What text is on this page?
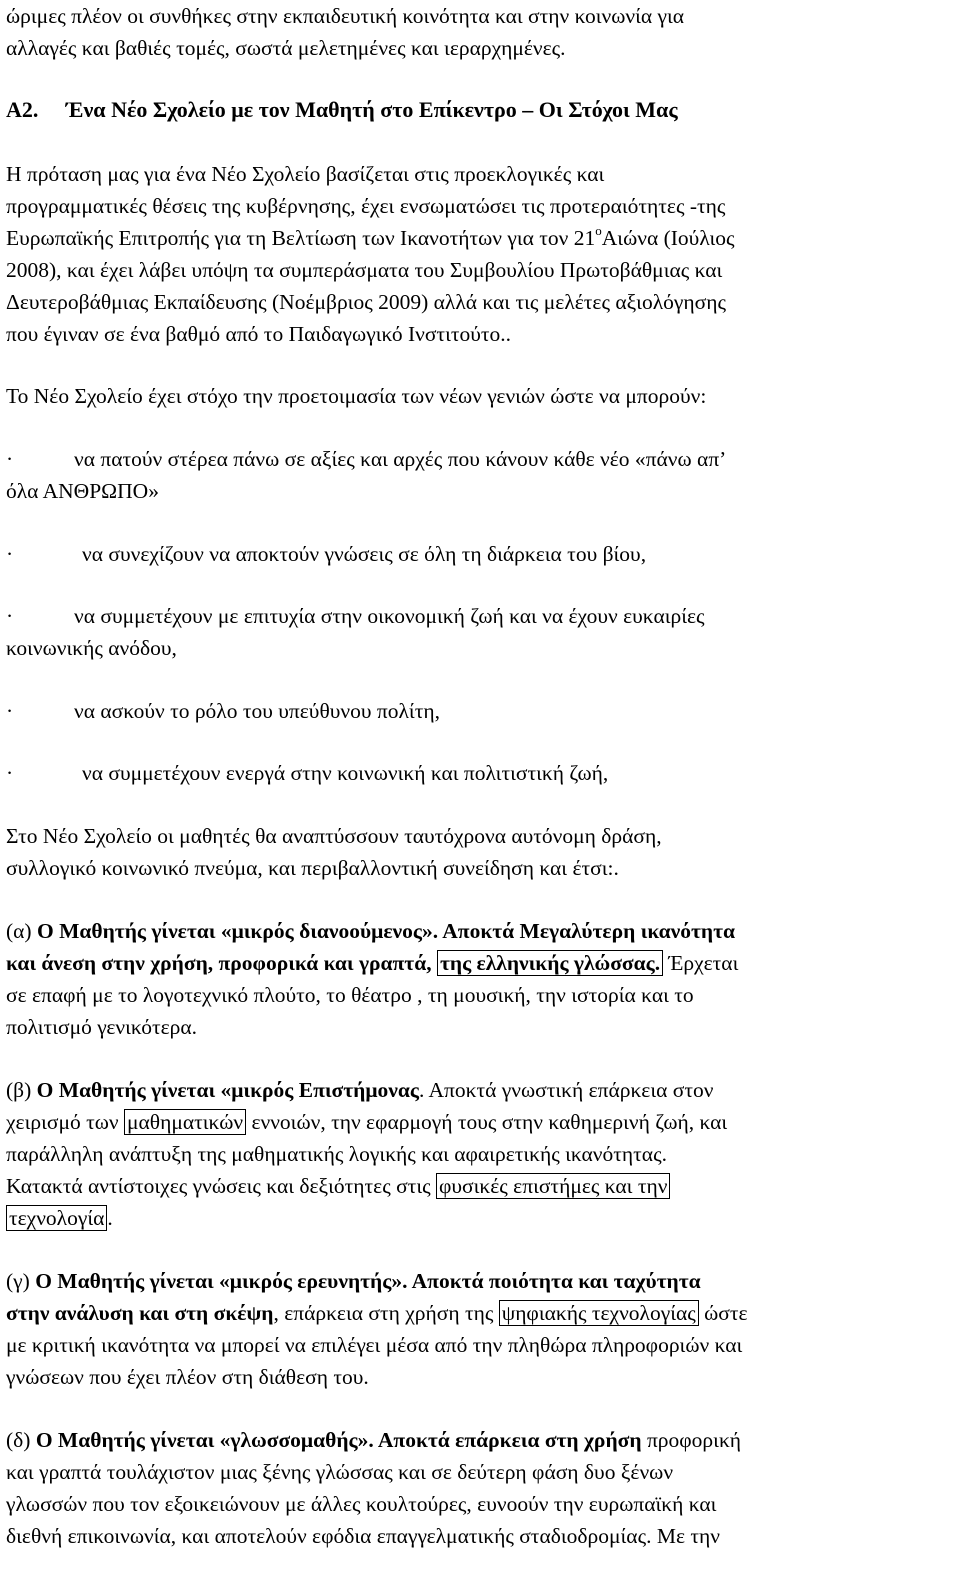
ώριμες πλέον οι συνθήκες στην εκπαιδευτική κοινότητα και στην κοινωνία για
αλλαγές και βαθιές τομές, σωστά μελετημένες και ιεραρχημένες.
Α2. Ένα Νέο Σχολείο με τον Μαθητή στο Επίκεντρο – Οι Στόχοι Μας
Η πρόταση μας για ένα Νέο Σχολείο βασίζεται στις προεκλογικές και
προγραμματικές θέσεις της κυβέρνησης, έχει ενσωματώσει τις προτεραιότητες -της
Ευρωπαϊκής Επιτροπής για τη Βελτίωση των Ικανοτήτων για τον $21^oA\iota ώ\nu\alpha$ (Ιούλιος
2008), και έχει λάβει υπόψη τα συμπεράσματα του Συμβουλίου Πρωτοβάθμιας και
Δευτεροβάθμιας Εκπαίδευσης (Νοέμβριος 2009) αλλά και τις μελέτες αξιολόγησης
που έγιναν σε ένα βαθμό από το Παιδαγωγικό Ινστιτούτο..
Το Νέο Σχολείο έχει στόχο την προετοιμασία των νέων γενιών ώστε να μπορούν:
·	να πατούν στέρεα πάνω σε αξίες και αρχές που κάνουν κάθε νέο «πάνω απ’
όλα ΑΝΘΡΩΠΟ»
·	να συνεχίζουν να αποκτούν γνώσεις σε όλη τη διάρκεια του βίου,
·	να συμμετέχουν με επιτυχία στην οικονομική ζωή και να έχουν ευκαιρίες
κοινωνικής ανόδου,
·	να ασκούν το ρόλο του υπεύθυνου πολίτη,
·	να συμμετέχουν ενεργά στην κοινωνική και πολιτιστική ζωή,
Στο Νέο Σχολείο οι μαθητές θα αναπτύσσουν ταυτόχρονα αυτόνομη δράση,
συλλογικό κοινωνικό πνεύμα, και περιβαλλοντική συνείδηση και έτσι:.
(α) Ο Μαθητής γίνεται «μικρός διανοούμενος». Αποκτά Μεγαλύτερη ικανότητα
και άνεση στην χρήση, προφορικά και γραπτά, της ελληνικής γλώσσας. Έρχεται
σε επαφή με το λογοτεχνικό πλούτο, το θέατρο , τη μουσική, την ιστορία και το
πολιτισμό γενικότερα.
(β) Ο Μαθητής γίνεται «μικρός Επιστήμονας. Αποκτά γνωστική επάρκεια στον
χειρισμό των μαθηματικών εννοιών, την εφαρμογή τους στην καθημερινή ζωή, και
παράλληλη ανάπτυξη της μαθηματικής λογικής και αφαιρετικής ικανότητας.
Κατακτά αντίστοιχες γνώσεις και δεξιότητες στις φυσικές επιστήμες και την
τεχνολογία .
(γ) Ο Μαθητής γίνεται «μικρός ερευνητής». Αποκτά ποιότητα και ταχύτητα
στην ανάλυση και στη σκέψη, επάρκεια στη χρήση της ψηφιακής τεχνολογίας ώστε
με κριτική ικανότητα να μπορεί να επιλέγει μέσα από την πληθώρα πληροφοριών και
γνώσεων που έχει πλέον στη διάθεση του.
(δ) Ο Μαθητής γίνεται «γλωσσομαθής». Αποκτά επάρκεια στη χρήση προφορική
και γραπτά τουλάχιστον μιας ξένης γλώσσας και σε δεύτερη φάση δυο ξένων
γλωσσών που τον εξοικειώνουν με άλλες κουλτούρες, ευνοούν την ευρωπαϊκή και
διεθνή επικοινωνία, και αποτελούν εφόδια επαγγελματικής σταδιοδρομίας. Με την
